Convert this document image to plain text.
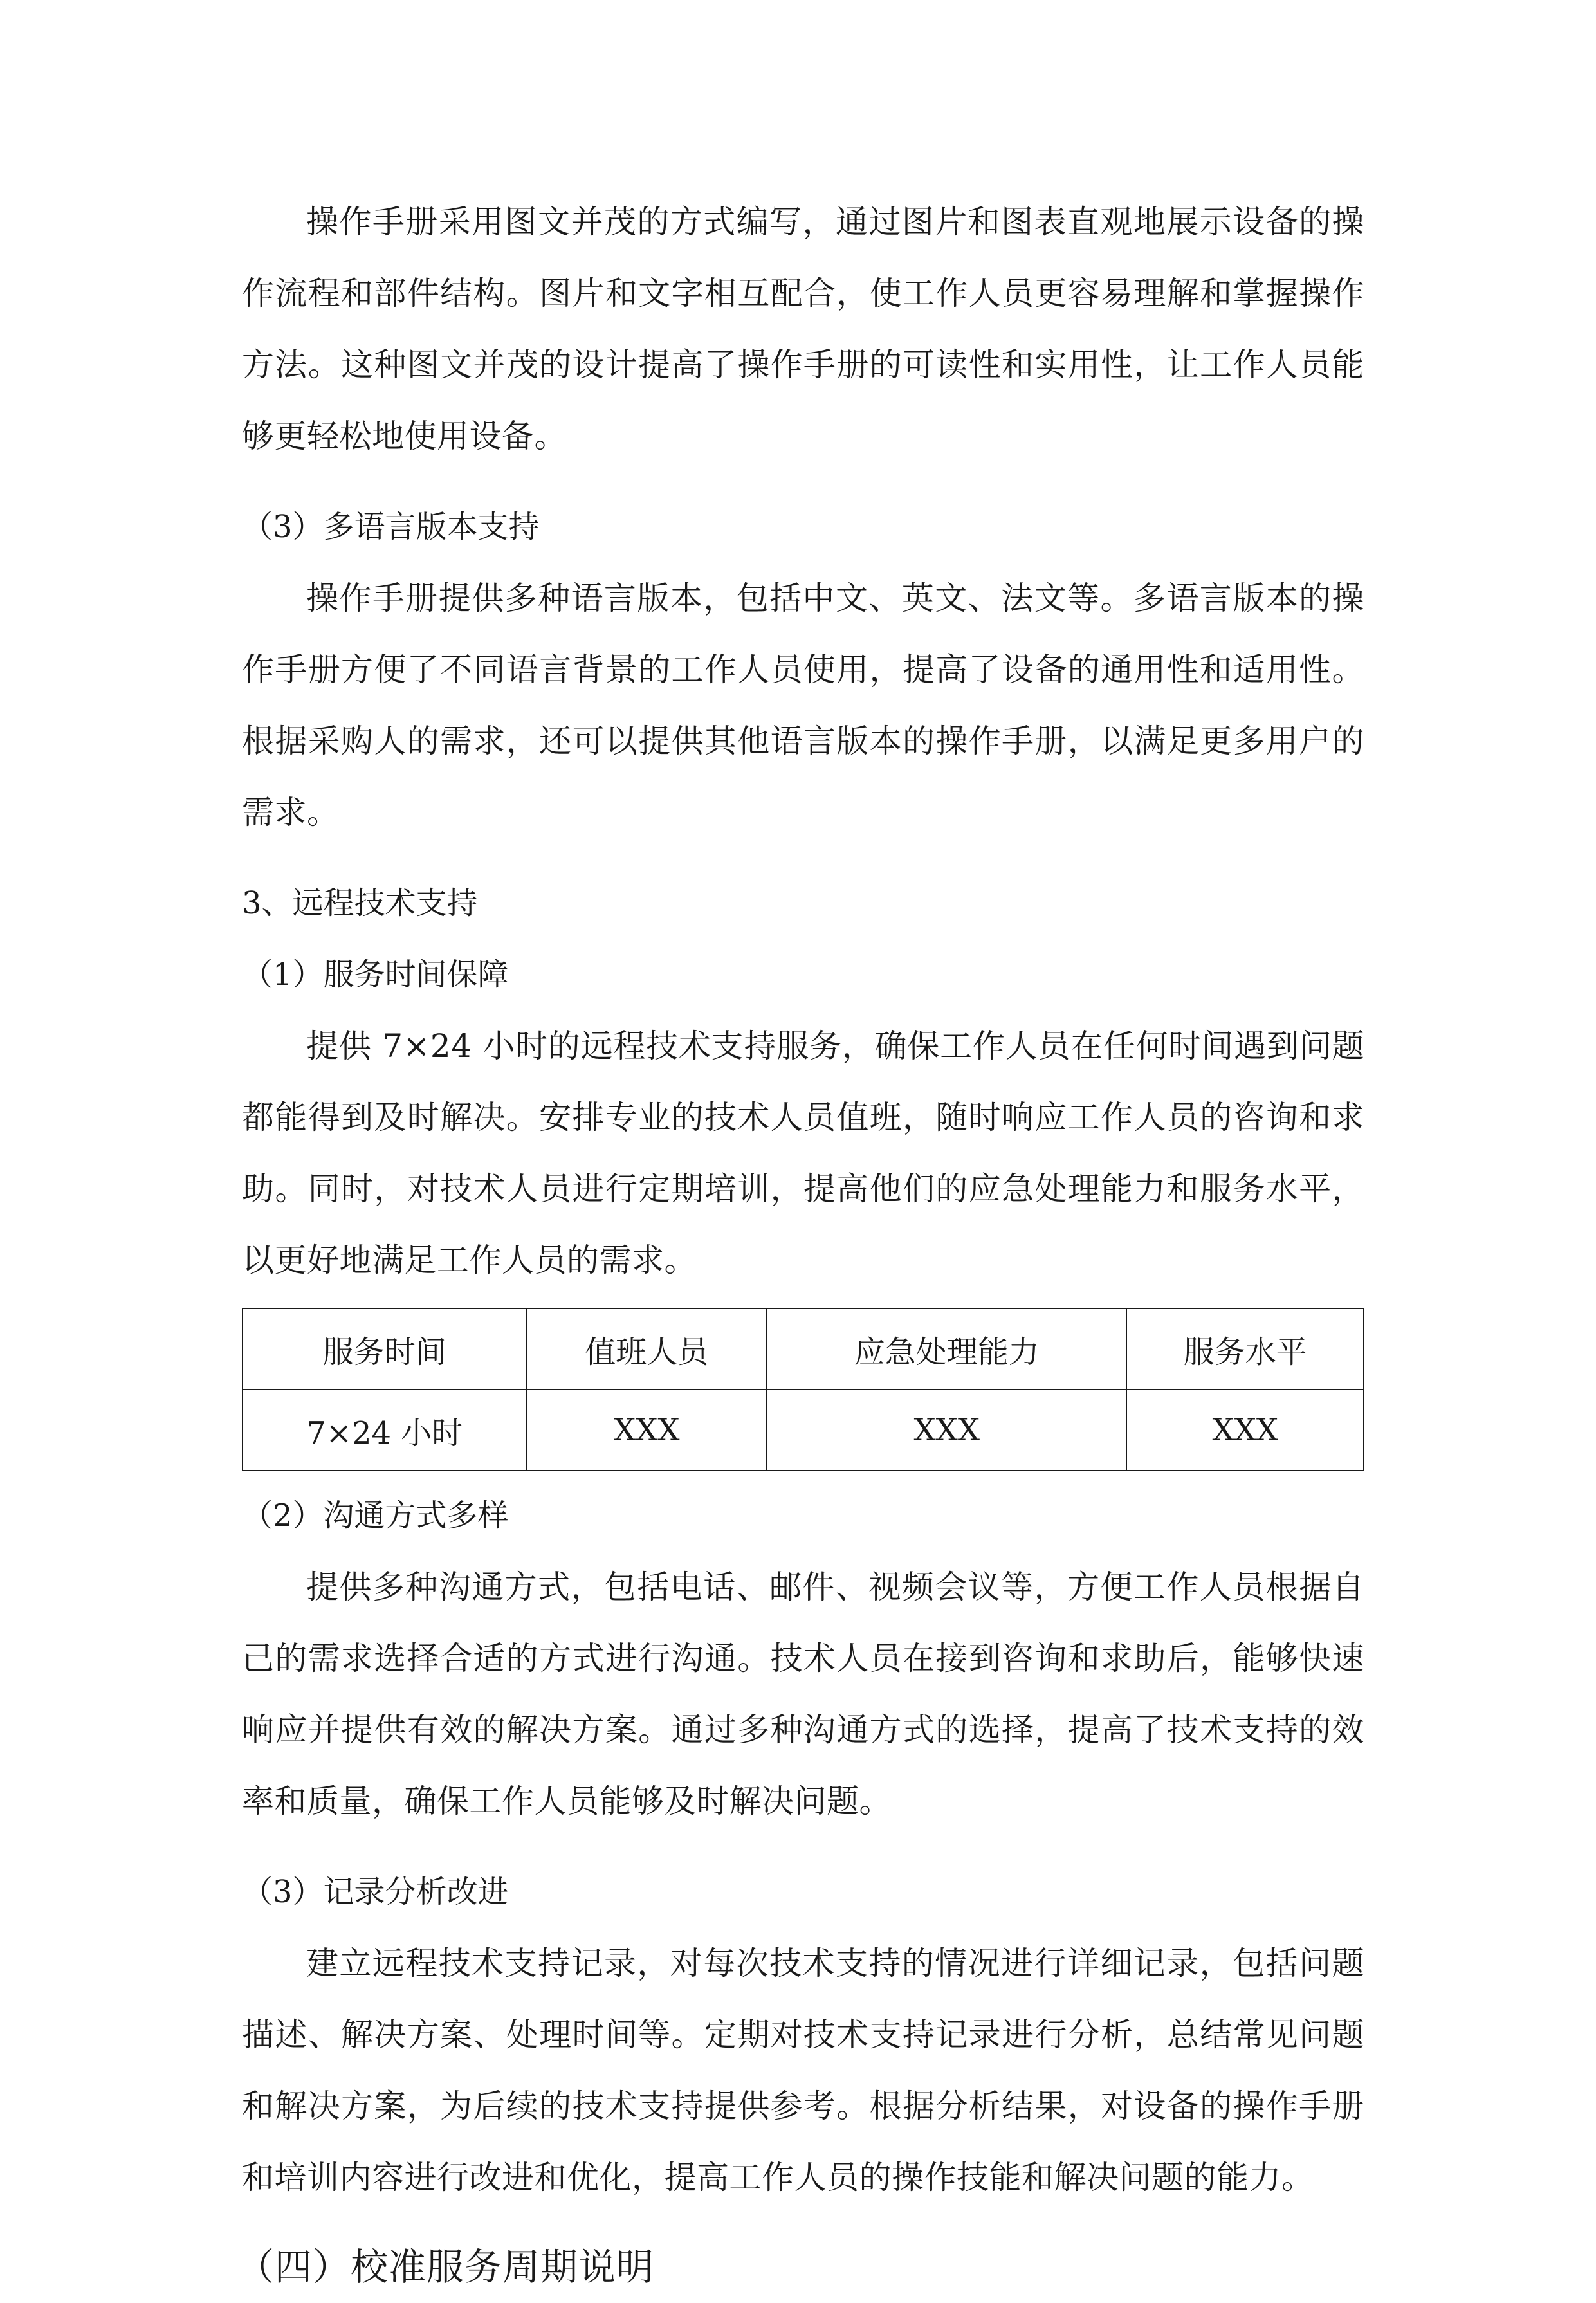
操作手册采用图文并茂的方式编写，通过图片和图表直观地展示设备的操作流程和部件结构。图片和文字相互配合，使工作人员更容易理解和掌握操作方法。这种图文并茂的设计提高了操作手册的可读性和实用性，让工作人员能够更轻松地使用设备。

（3）多语言版本支持

操作手册提供多种语言版本，包括中文、英文、法文等。多语言版本的操作手册方便了不同语言背景的工作人员使用，提高了设备的通用性和适用性。根据采购人的需求，还可以提供其他语言版本的操作手册，以满足更多用户的需求。

3、远程技术支持

（1）服务时间保障

提供 7×24 小时的远程技术支持服务，确保工作人员在任何时间遇到问题都能得到及时解决。安排专业的技术人员值班，随时响应工作人员的咨询和求助。同时，对技术人员进行定期培训，提高他们的应急处理能力和服务水平，以更好地满足工作人员的需求。

服务时间	值班人员	应急处理能力	服务水平
7×24 小时	XXX	XXX	XXX

（2）沟通方式多样

提供多种沟通方式，包括电话、邮件、视频会议等，方便工作人员根据自己的需求选择合适的方式进行沟通。技术人员在接到咨询和求助后，能够快速响应并提供有效的解决方案。通过多种沟通方式的选择，提高了技术支持的效率和质量，确保工作人员能够及时解决问题。

（3）记录分析改进

建立远程技术支持记录，对每次技术支持的情况进行详细记录，包括问题描述、解决方案、处理时间等。定期对技术支持记录进行分析，总结常见问题和解决方案，为后续的技术支持提供参考。根据分析结果，对设备的操作手册和培训内容进行改进和优化，提高工作人员的操作技能和解决问题的能力。

（四）校准服务周期说明
